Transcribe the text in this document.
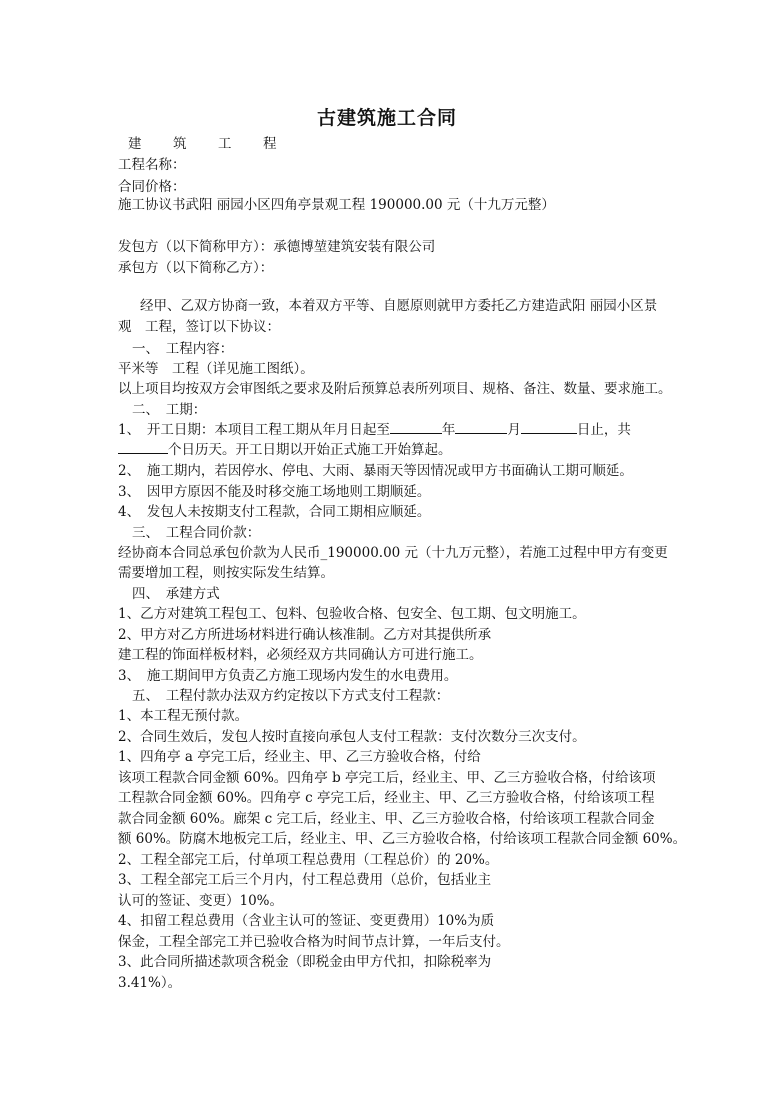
古建筑施工合同
建　筑　工　程
工程名称：
合同价格：
施工协议书武阳 丽园小区四角亭景观工程 190000.00 元（十九万元整）
发包方（以下简称甲方）：承德博堃建筑安装有限公司
承包方（以下简称乙方）：
经甲、乙双方协商一致，本着双方平等、自愿原则就甲方委托乙方建造武阳 丽园小区景
观　工程，签订以下协议：
一、　工程内容：
平米等　工程（详见施工图纸）。
以上项目均按双方会审图纸之要求及附后预算总表所列项目、规格、备注、数量、要求施工。
二、　工期：
1、　开工日期：本项目工程工期从年月日起至	年	月	日止，共
个日历天。开工日期以开始正式施工开始算起。
2、　施工期内，若因停水、停电、大雨、暴雨天等因情况或甲方书面确认工期可顺延。
3、　因甲方原因不能及时移交施工场地则工期顺延。
4、　发包人未按期支付工程款，合同工期相应顺延。
三、　工程合同价款：
经协商本合同总承包价款为人民币_190000.00 元（十九万元整），若施工过程中甲方有变更
需要增加工程，则按实际发生结算。
四、　承建方式
1、乙方对建筑工程包工、包料、包验收合格、包安全、包工期、包文明施工。
2、甲方对乙方所进场材料进行确认核准制。乙方对其提供所承
建工程的饰面样板材料，必须经双方共同确认方可进行施工。
3、　施工期间甲方负责乙方施工现场内发生的水电费用。
五、　工程付款办法双方约定按以下方式支付工程款：
1、本工程无预付款。
2、合同生效后，发包人按时直接向承包人支付工程款：支付次数分三次支付。
1、四角亭 a 亭完工后，经业主、甲、乙三方验收合格，付给
该项工程款合同金额 60%。四角亭 b 亭完工后，经业主、甲、乙三方验收合格，付给该项
工程款合同金额 60%。四角亭 c 亭完工后，经业主、甲、乙三方验收合格，付给该项工程
款合同金额 60%。廊架 c 完工后，经业主、甲、乙三方验收合格，付给该项工程款合同金
额 60%。防腐木地板完工后，经业主、甲、乙三方验收合格，付给该项工程款合同金额 60%。
2、工程全部完工后，付单项工程总费用（工程总价）的 20%。
3、工程全部完工后三个月内，付工程总费用（总价，包括业主
认可的签证、变更）10%。
4、扣留工程总费用（含业主认可的签证、变更费用）10%为质
保金，工程全部完工并已验收合格为时间节点计算，一年后支付。
3、此合同所描述款项含税金（即税金由甲方代扣，扣除税率为
3.41%）。
